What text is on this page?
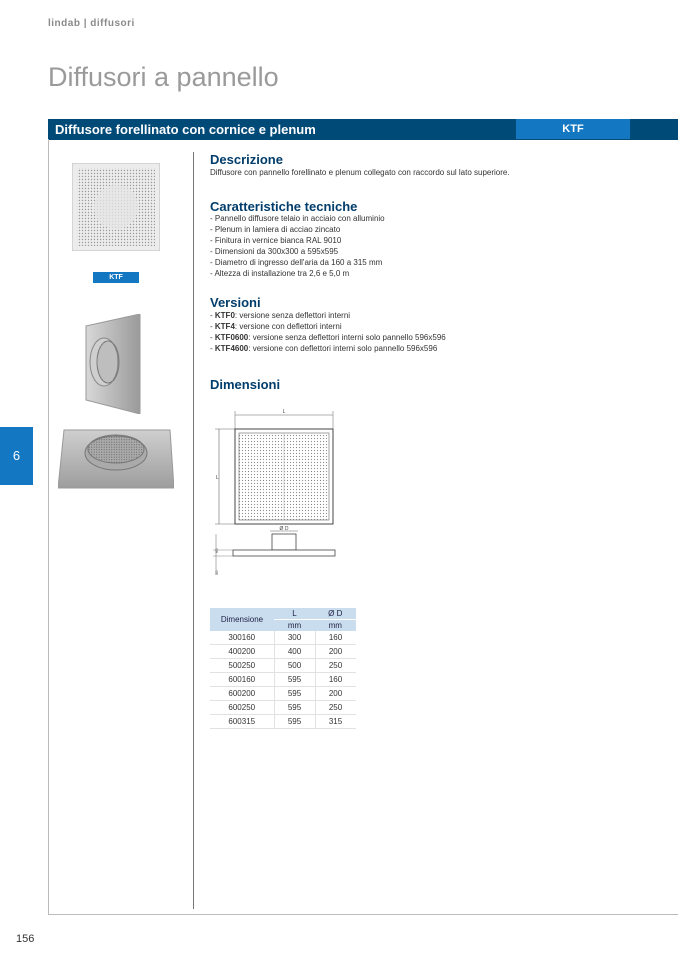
lindab | diffusori
Diffusori a pannello
Diffusore forellinato con cornice e plenum	KTF
6
KTF
Descrizione
Diffusore con pannello forellinato e plenum collegato con raccordo sul lato superiore.
Caratteristiche tecniche
- Pannello diffusore telaio in acciaio con alluminio
- Plenum in lamiera di acciao zincato
- Finitura in vernice bianca RAL 9010
- Dimensioni da 300x300 a 595x595
- Diametro di ingresso dell'aria da 160 a 315 mm
- Altezza di installazione tra 2,6 e 5,0 m
Versioni
- KTF0: versione senza deflettori interni
- KTF4: versione con deflettori interni
- KTF0600: versione senza deflettori interni solo pannello 596x596
- KTF4600: versione con deflettori interni solo pannello 596x596
Dimensioni
L
L
Ø D
60
50
Dimensione	L	Ø D
	mm	mm
300160	300	160
400200	400	200
500250	500	250
600160	595	160
600200	595	200
600250	595	250
600315	595	315
156
